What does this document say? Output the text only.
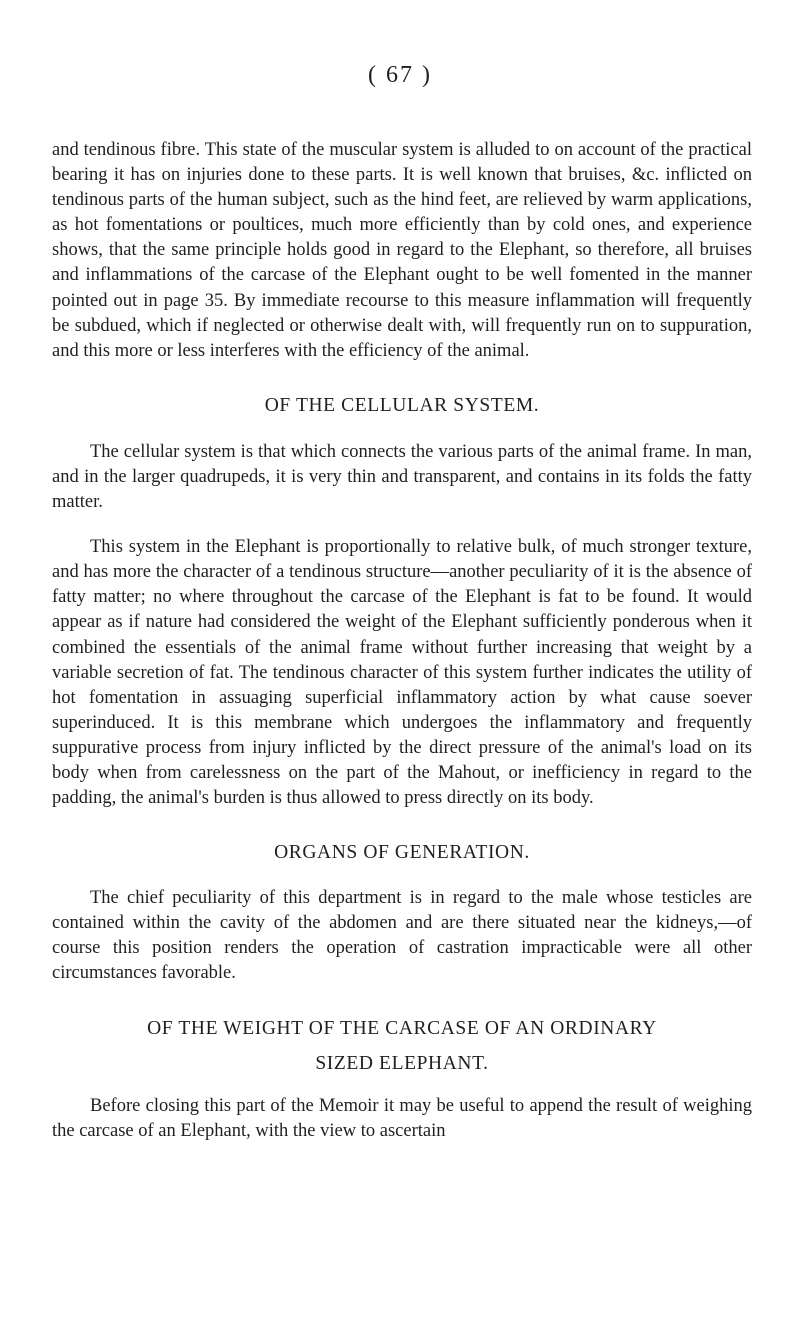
( 67 )

and tendinous fibre. This state of the muscular system is alluded to on account of the practical bearing it has on injuries done to these parts. It is well known that bruises, &c. inflicted on tendinous parts of the human subject, such as the hind feet, are relieved by warm applications, as hot fomentations or poultices, much more efficiently than by cold ones, and experience shows, that the same principle holds good in regard to the Elephant, so therefore, all bruises and inflammations of the carcase of the Elephant ought to be well fomented in the manner pointed out in page 35. By immediate recourse to this measure inflammation will frequently be subdued, which if neglected or otherwise dealt with, will frequently run on to suppuration, and this more or less interferes with the efficiency of the animal.

OF THE CELLULAR SYSTEM.

The cellular system is that which connects the various parts of the animal frame. In man, and in the larger quadrupeds, it is very thin and transparent, and contains in its folds the fatty matter.

This system in the Elephant is proportionally to relative bulk, of much stronger texture, and has more the character of a tendinous structure—another peculiarity of it is the absence of fatty matter; no where throughout the carcase of the Elephant is fat to be found. It would appear as if nature had considered the weight of the Elephant sufficiently ponderous when it combined the essentials of the animal frame without further increasing that weight by a variable secretion of fat. The tendinous character of this system further indicates the utility of hot fomentation in assuaging superficial inflammatory action by what cause soever superinduced. It is this membrane which undergoes the inflammatory and frequently suppurative process from injury inflicted by the direct pressure of the animal's load on its body when from carelessness on the part of the Mahout, or inefficiency in regard to the padding, the animal's burden is thus allowed to press directly on its body.

ORGANS OF GENERATION.

The chief peculiarity of this department is in regard to the male whose testicles are contained within the cavity of the abdomen and are there situated near the kidneys,—of course this position renders the operation of castration impracticable were all other circumstances favorable.

OF THE WEIGHT OF THE CARCASE OF AN ORDINARY
SIZED ELEPHANT.

Before closing this part of the Memoir it may be useful to append the result of weighing the carcase of an Elephant, with the view to ascertain
